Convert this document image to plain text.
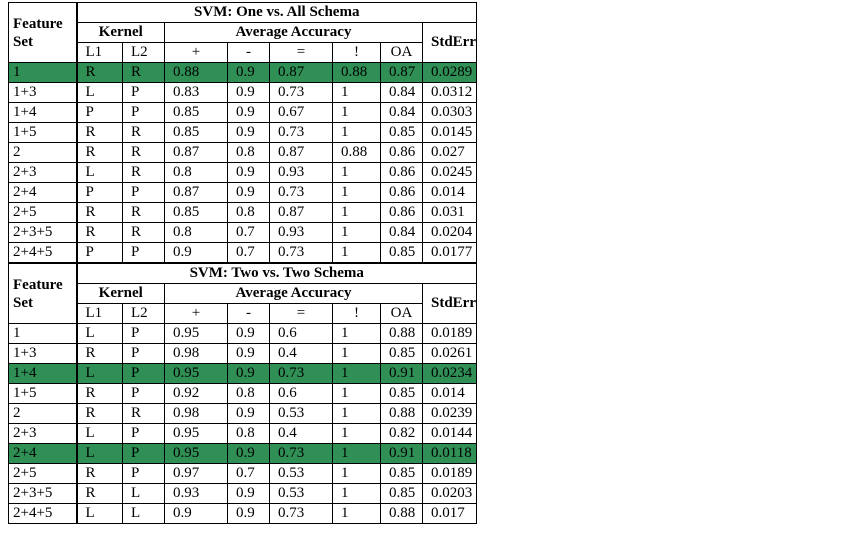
Feature Set	SVM: One vs. All Schema							
	Kernel		Average Accuracy					StdErr
	L1	L2	+	-	=	!	OA	
1	R	R	0.88	0.9	0.87	0.88	0.87	0.0289
1+3	L	P	0.83	0.9	0.73	1	0.84	0.0312
1+4	P	P	0.85	0.9	0.67	1	0.84	0.0303
1+5	R	R	0.85	0.9	0.73	1	0.85	0.0145
2	R	R	0.87	0.8	0.87	0.88	0.86	0.027
2+3	L	R	0.8	0.9	0.93	1	0.86	0.0245
2+4	P	P	0.87	0.9	0.73	1	0.86	0.014
2+5	R	R	0.85	0.8	0.87	1	0.86	0.031
2+3+5	R	R	0.8	0.7	0.93	1	0.84	0.0204
2+4+5	P	P	0.9	0.7	0.73	1	0.85	0.0177
Feature Set	SVM: Two vs. Two Schema							
	Kernel		Average Accuracy					StdErr
	L1	L2	+	-	=	!	OA	
1	L	P	0.95	0.9	0.6	1	0.88	0.0189
1+3	R	P	0.98	0.9	0.4	1	0.85	0.0261
1+4	L	P	0.95	0.9	0.73	1	0.91	0.0234
1+5	R	P	0.92	0.8	0.6	1	0.85	0.014
2	R	R	0.98	0.9	0.53	1	0.88	0.0239
2+3	L	P	0.95	0.8	0.4	1	0.82	0.0144
2+4	L	P	0.95	0.9	0.73	1	0.91	0.0118
2+5	R	P	0.97	0.7	0.53	1	0.85	0.0189
2+3+5	R	L	0.93	0.9	0.53	1	0.85	0.0203
2+4+5	L	L	0.9	0.9	0.73	1	0.88	0.017
